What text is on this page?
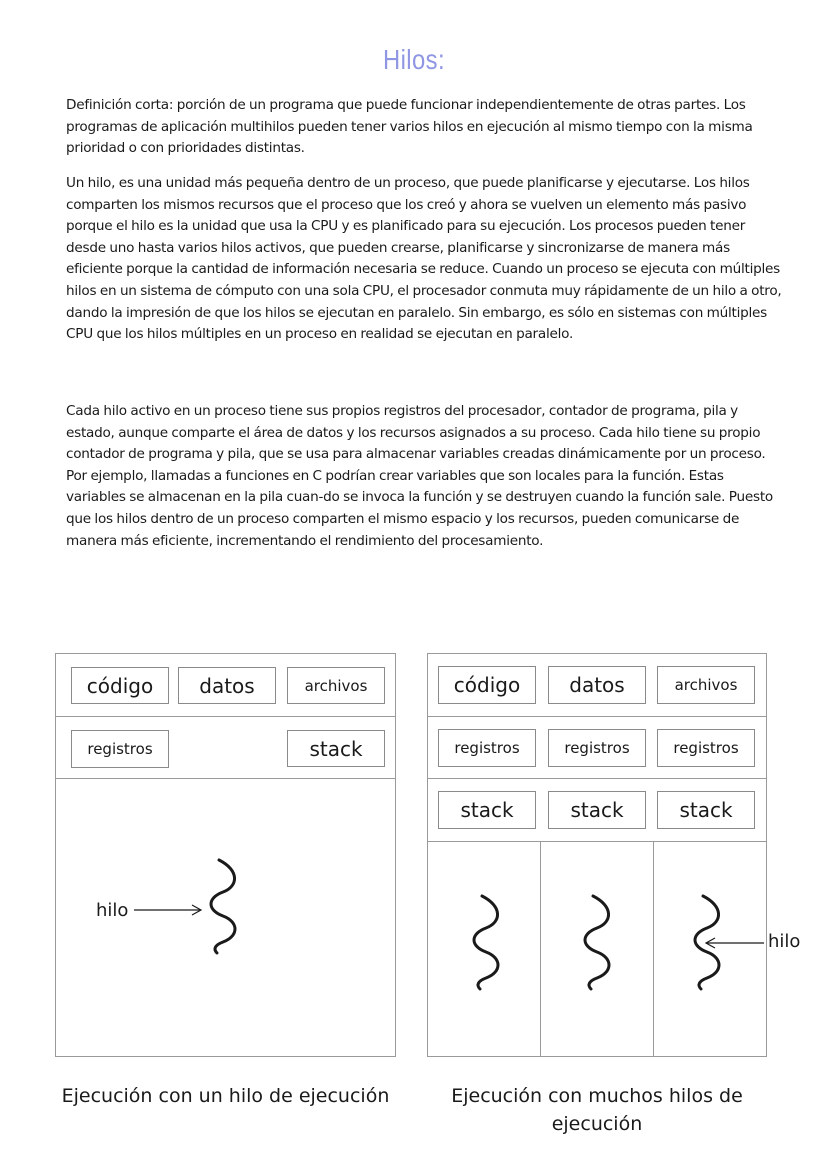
Hilos:

Definición corta: porción de un programa que puede funcionar independientemente de otras partes. Los programas de aplicación multihilos pueden tener varios hilos en ejecución al mismo tiempo con la misma prioridad o con prioridades distintas.

Un hilo, es una unidad más pequeña dentro de un proceso, que puede planificarse y ejecutarse. Los hilos comparten los mismos recursos que el proceso que los creó y ahora se vuelven un elemento más pasivo porque el hilo es la unidad que usa la CPU y es planificado para su ejecución. Los procesos pueden tener desde uno hasta varios hilos activos, que pueden crearse, planificarse y sincronizarse de manera más eficiente porque la cantidad de información necesaria se reduce. Cuando un proceso se ejecuta con múltiples hilos en un sistema de cómputo con una sola CPU, el procesador conmuta muy rápidamente de un hilo a otro, dando la impresión de que los hilos se ejecutan en paralelo. Sin embargo, es sólo en sistemas con múltiples CPU que los hilos múltiples en un proceso en realidad se ejecutan en paralelo.

Cada hilo activo en un proceso tiene sus propios registros del procesador, contador de programa, pila y estado, aunque comparte el área de datos y los recursos asignados a su proceso. Cada hilo tiene su propio contador de programa y pila, que se usa para almacenar variables creadas dinámicamente por un proceso. Por ejemplo, llamadas a funciones en C podrían crear variables que son locales para la función. Estas variables se almacenan en la pila cuan-do se invoca la función y se destruyen cuando la función sale. Puesto que los hilos dentro de un proceso comparten el mismo espacio y los recursos, pueden comunicarse de manera más eficiente, incrementando el rendimiento del procesamiento.

código	datos	archivos
registros	stack
hilo
Ejecución con un hilo de ejecución
código	datos	archivos
registros	registros	registros
stack	stack	stack
hilo
Ejecución con muchos hilos de ejecución
